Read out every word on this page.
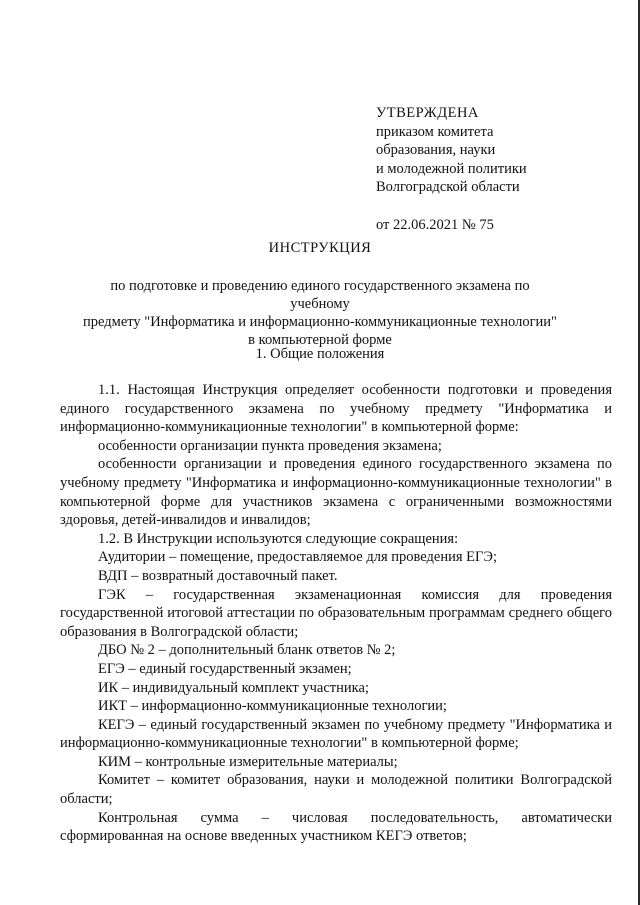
УТВЕРЖДЕНА
приказом комитета
образования, науки
и молодежной политики
Волгоградской области
от 22.06.2021 № 75
ИНСТРУКЦИЯ
по подготовке и проведению единого государственного экзамена по учебному
предмету "Информатика и информационно-коммуникационные технологии"
в компьютерной форме
1. Общие положения

1.1. Настоящая Инструкция определяет особенности подготовки и проведения единого государственного экзамена по учебному предмету "Информатика и информационно-коммуникационные технологии" в компьютерной форме:

особенности организации пункта проведения экзамена;

особенности организации и проведения единого государственного экзамена по учебному предмету "Информатика и информационно-коммуникационные технологии" в компьютерной форме для участников экзамена с ограниченными возможностями здоровья, детей-инвалидов и инвалидов;

1.2. В Инструкции используются следующие сокращения:

Аудитории – помещение, предоставляемое для проведения ЕГЭ;

ВДП – возвратный доставочный пакет.

ГЭК – государственная экзаменационная комиссия для проведения государственной итоговой аттестации по образовательным программам среднего общего образования в Волгоградской области;

ДБО № 2 – дополнительный бланк ответов № 2;

ЕГЭ – единый государственный экзамен;

ИК – индивидуальный комплект участника;

ИКТ – информационно-коммуникационные технологии;

КЕГЭ – единый государственный экзамен по учебному предмету "Информатика и информационно-коммуникационные технологии" в компьютерной форме;

КИМ – контрольные измерительные материалы;

Комитет – комитет образования, науки и молодежной политики Волгоградской области;

Контрольная сумма – числовая последовательность, автоматически сформированная на основе введенных участником КЕГЭ ответов;
